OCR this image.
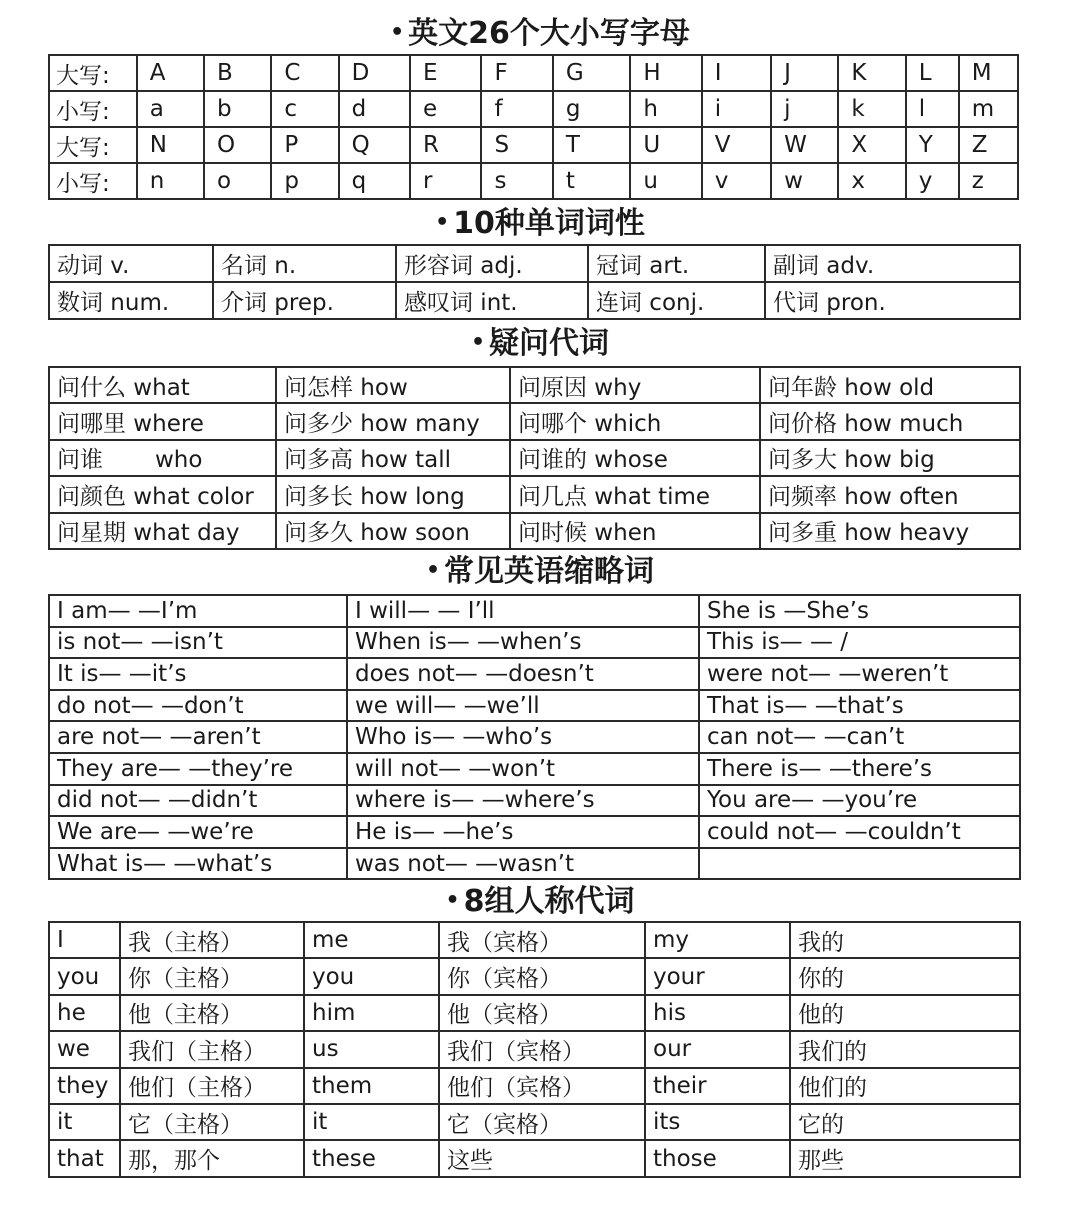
• 英文26个大小写字母
大写:	A	B	C	D	E	F	G	H	I	J	K	L	M
小写:	a	b	c	d	e	f	g	h	i	j	k	l	m
大写:	N	O	P	Q	R	S	T	U	V	W	X	Y	Z
小写:	n	o	p	q	r	s	t	u	v	w	x	y	z
• 10种单词词性
动词 v.	名词 n.	形容词 adj.	冠词 art.	副词 adv.
数词 num.	介词 prep.	感叹词 int.	连词 conj.	代词 pron.
• 疑问代词
问什么 what	问怎样 how	问原因 why	问年龄 how old
问哪里 where	问多少 how many	问哪个 which	问价格 how much
问谁 who	问多高 how tall	问谁的 whose	问多大 how big
问颜色 what color	问多长 how long	问几点 what time	问频率 how often
问星期 what day	问多久 how soon	问时候 when	问多重 how heavy
• 常见英语缩略词
I am— —I’m	I will— — I’ll	She is —She’s
is not— —isn’t	When is— —when’s	This is— — /
It is— —it’s	does not— —doesn’t	were not— —weren’t
do not— —don’t	we will— —we’ll	That is— —that’s
are not— —aren’t	Who is— —who’s	can not— —can’t
They are— —they’re	will not— —won’t	There is— —there’s
did not— —didn’t	where is— —where’s	You are— —you’re
We are— —we’re	He is— —he’s	could not— —couldn’t
What is— —what’s	was not— —wasn’t	
• 8组人称代词
I	我（主格）	me	我（宾格）	my	我的
you	你（主格）	you	你（宾格）	your	你的
he	他（主格）	him	他（宾格）	his	他的
we	我们（主格）	us	我们（宾格）	our	我们的
they	他们（主格）	them	他们（宾格）	their	他们的
it	它（主格）	it	它（宾格）	its	它的
that	那，那个	these	这些	those	那些
